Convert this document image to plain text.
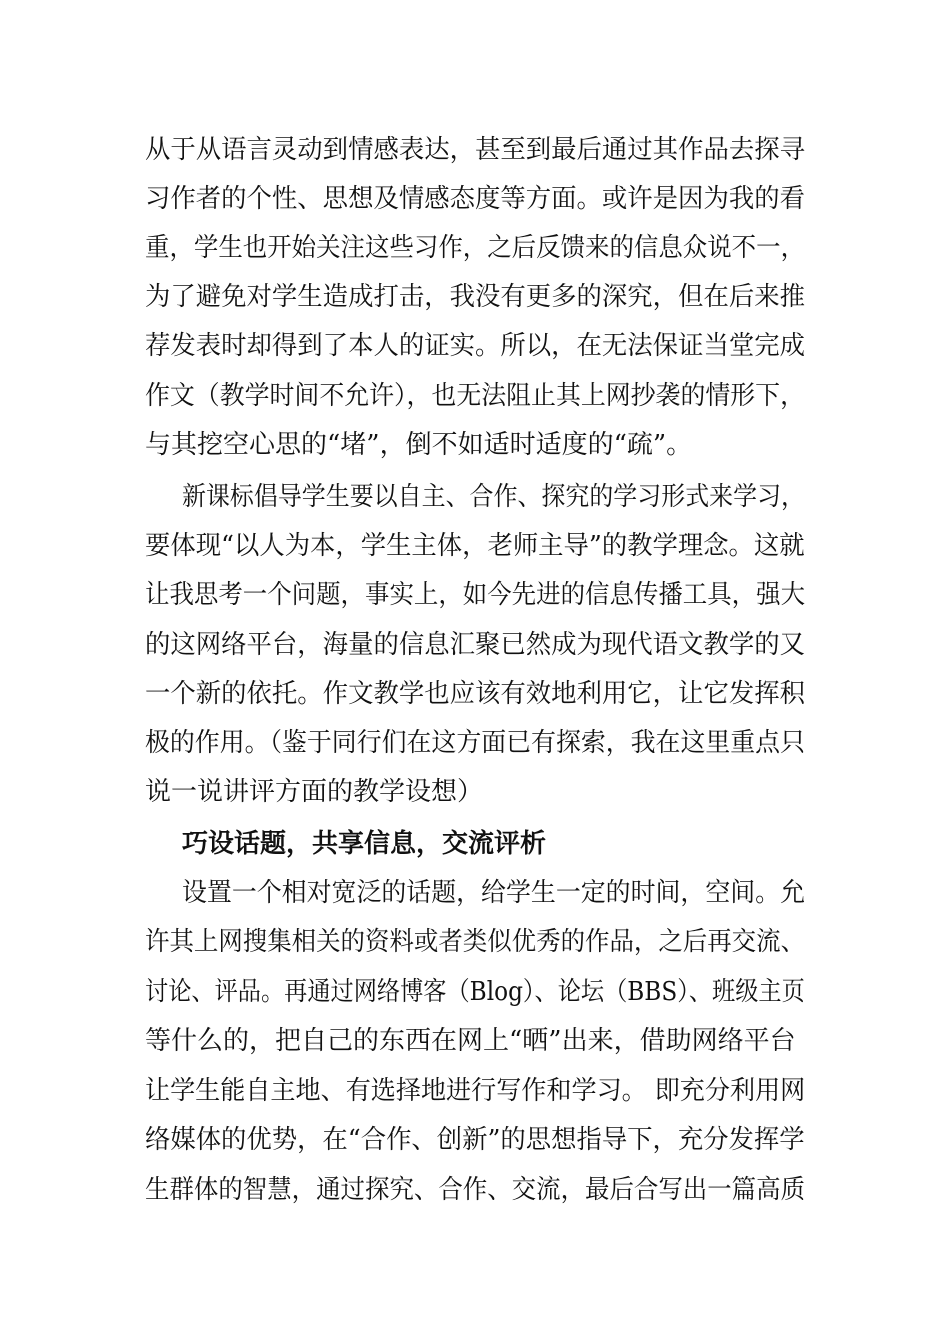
从于从语言灵动到情感表达，甚至到最后通过其作品去探寻
习作者的个性、思想及情感态度等方面。或许是因为我的看
重，学生也开始关注这些习作，之后反馈来的信息众说不一，
为了避免对学生造成打击，我没有更多的深究，但在后来推
荐发表时却得到了本人的证实。所以，在无法保证当堂完成
作文（教学时间不允许），也无法阻止其上网抄袭的情形下，
与其挖空心思的“堵”，倒不如适时适度的“疏”。
新课标倡导学生要以自主、合作、探究的学习形式来学习，
要体现“以人为本，学生主体，老师主导”的教学理念。这就
让我思考一个问题，事实上，如今先进的信息传播工具，强大
的这网络平台，海量的信息汇聚已然成为现代语文教学的又
一个新的依托。作文教学也应该有效地利用它，让它发挥积
极的作用。（鉴于同行们在这方面已有探索，我在这里重点只
说一说讲评方面的教学设想）
巧设话题，共享信息，交流评析
设置一个相对宽泛的话题，给学生一定的时间，空间。允
许其上网搜集相关的资料或者类似优秀的作品，之后再交流、
讨论、评品。再通过网络博客（Blog）、论坛（BBS）、班级主页
等什么的，把自己的东西在网上“晒”出来，借助网络平台
让学生能自主地、有选择地进行写作和学习。 即充分利用网
络媒体的优势，在“合作、创新”的思想指导下，充分发挥学
生群体的智慧，通过探究、合作、交流，最后合写出一篇高质
